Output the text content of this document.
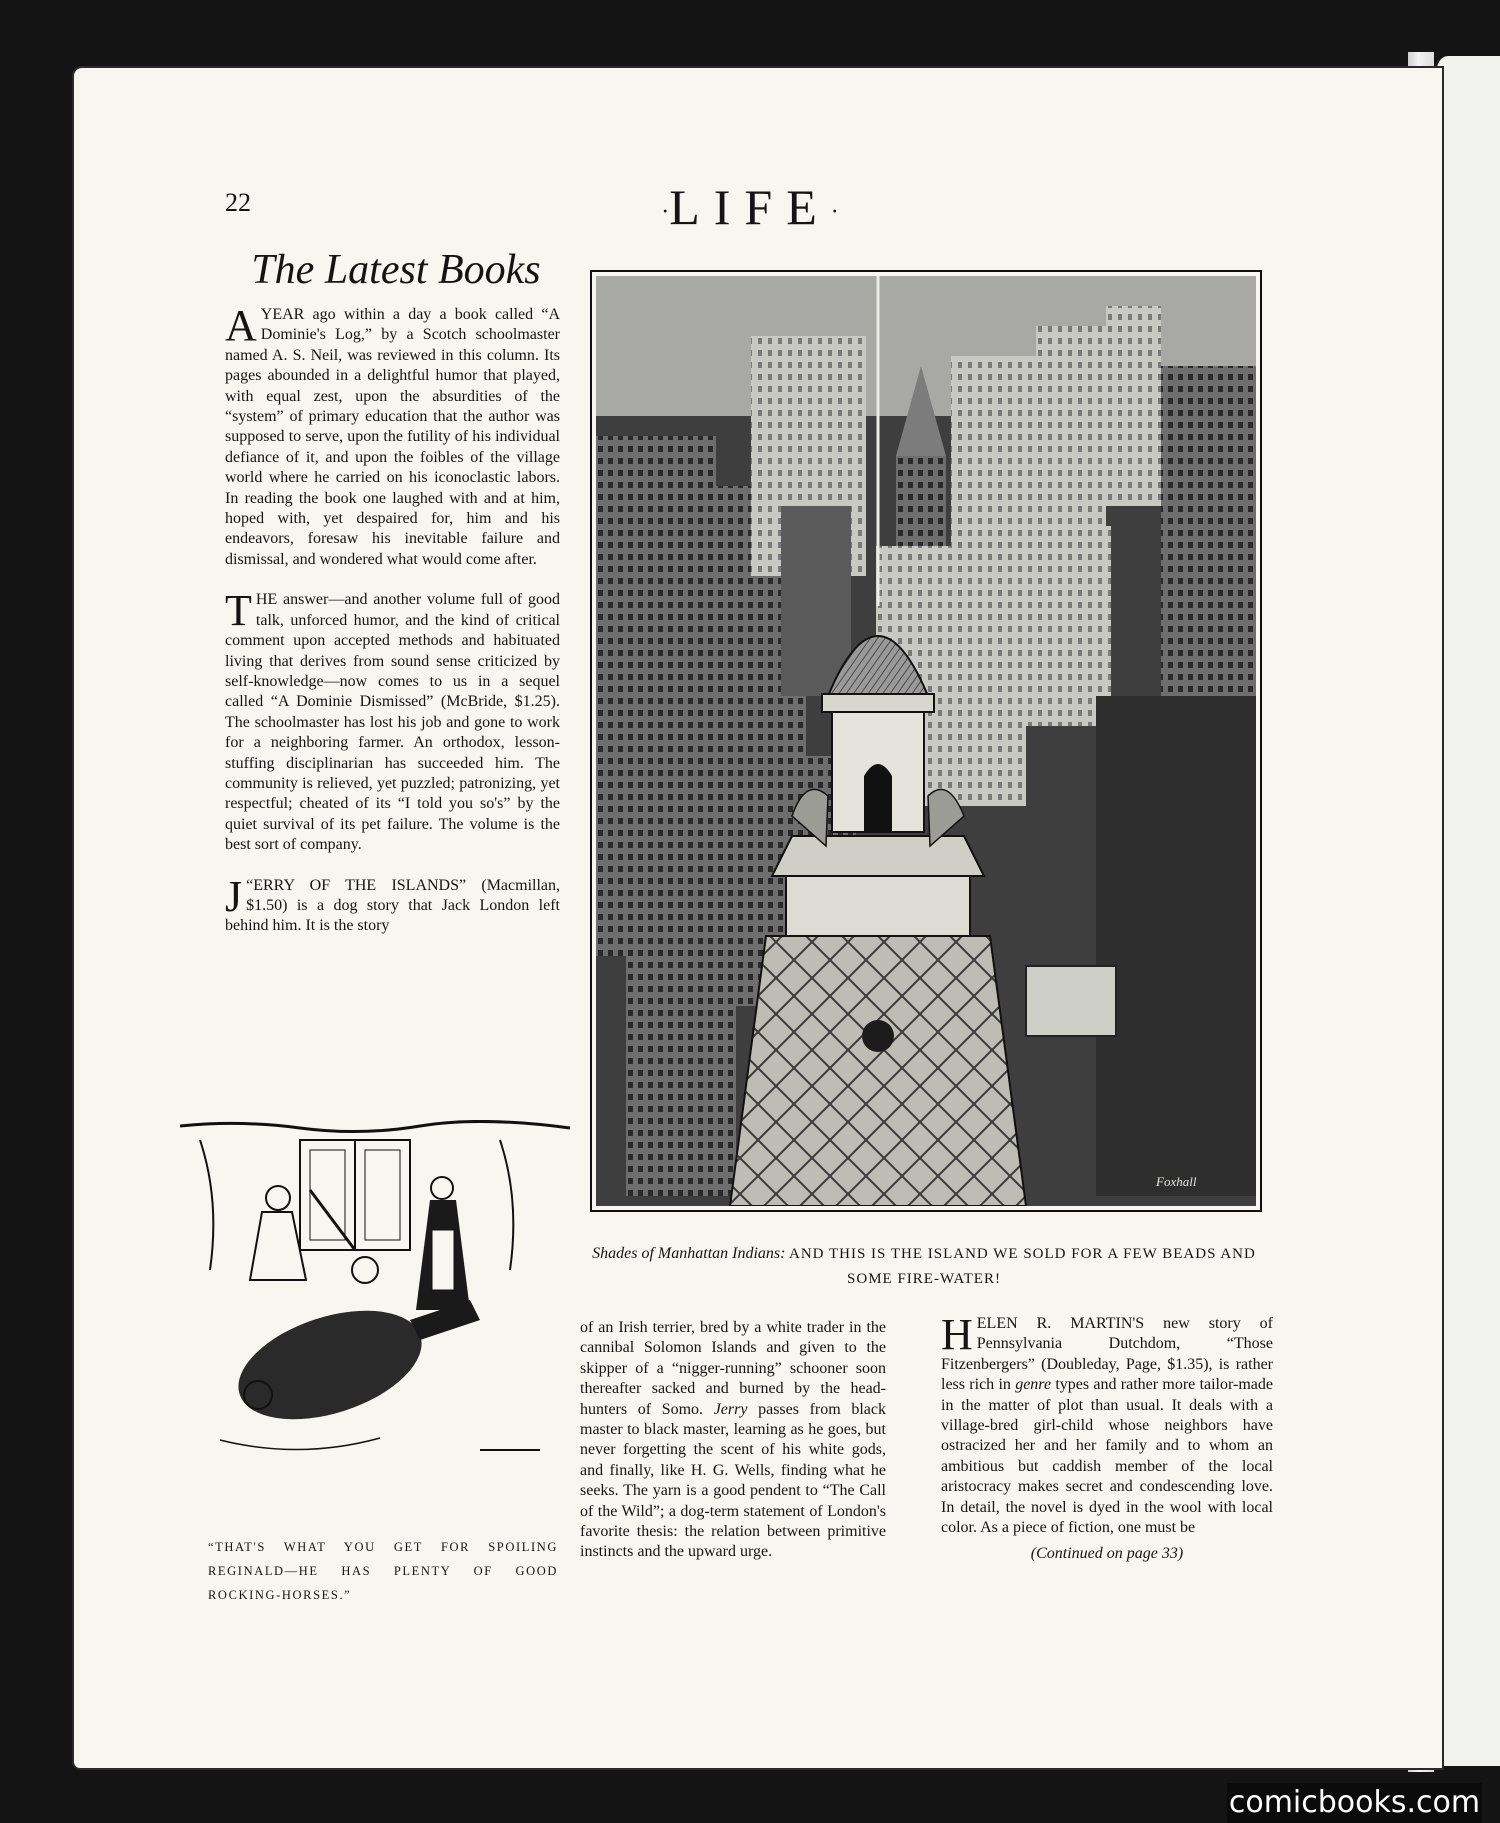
22	·LIFE·
The Latest Books

A YEAR ago within a day a book called “A Dominie's Log,” by a Scotch schoolmaster named A. S. Neil, was reviewed in this column. Its pages abounded in a delightful humor that played, with equal zest, upon the absurdities of the “system” of primary education that the author was supposed to serve, upon the futility of his individual defiance of it, and upon the foibles of the village world where he carried on his iconoclastic labors. In reading the book one laughed with and at him, hoped with, yet despaired for, him and his endeavors, foresaw his inevitable failure and dismissal, and wondered what would come after.

THE answer—and another volume full of good talk, unforced humor, and the kind of critical comment upon accepted methods and habituated living that derives from sound sense criticized by self-knowledge—now comes to us in a sequel called “A Dominie Dismissed” (McBride, $1.25). The schoolmaster has lost his job and gone to work for a neighboring farmer. An orthodox, lesson-stuffing disciplinarian has succeeded him. The community is relieved, yet puzzled; patronizing, yet respectful; cheated of its “I told you so's” by the quiet survival of its pet failure. The volume is the best sort of company.

“
J ERRY OF THE ISLANDS” (Macmillan, $1.50) is a dog story that Jack London left behind him. It is the story

of an Irish terrier, bred by a white trader in the cannibal Solomon Islands and given to the skipper of a “nigger-running” schooner soon thereafter sacked and burned by the head-hunters of Somo. Jerry passes from black master to black master, learning as he goes, but never forgetting the scent of his white gods, and finally, like H. G. Wells, finding what he seeks. The yarn is a good pendent to “The Call of the Wild”; a dog-term statement of London's favorite thesis: the relation between primitive instincts and the upward urge.

HELEN R. MARTIN'S new story of Pennsylvania Dutchdom, “Those Fitzenbergers” (Doubleday, Page, $1.35), is rather less rich in genre types and rather more tailor-made in the matter of plot than usual. It deals with a village-bred girl-child whose neighbors have ostracized her and her family and to whom an ambitious but caddish member of the local aristocracy makes secret and condescending love. In detail, the novel is dyed in the wool with local color. As a piece of fiction, one must be

(Continued on page 33)
Foxhall
Shades of Manhattan Indians: AND THIS IS THE ISLAND WE SOLD FOR A FEW BEADS AND SOME FIRE-WATER!
“THAT'S WHAT YOU GET FOR SPOILING REGINALD—HE HAS PLENTY OF GOOD ROCKING-HORSES.”
comicbooks.com
